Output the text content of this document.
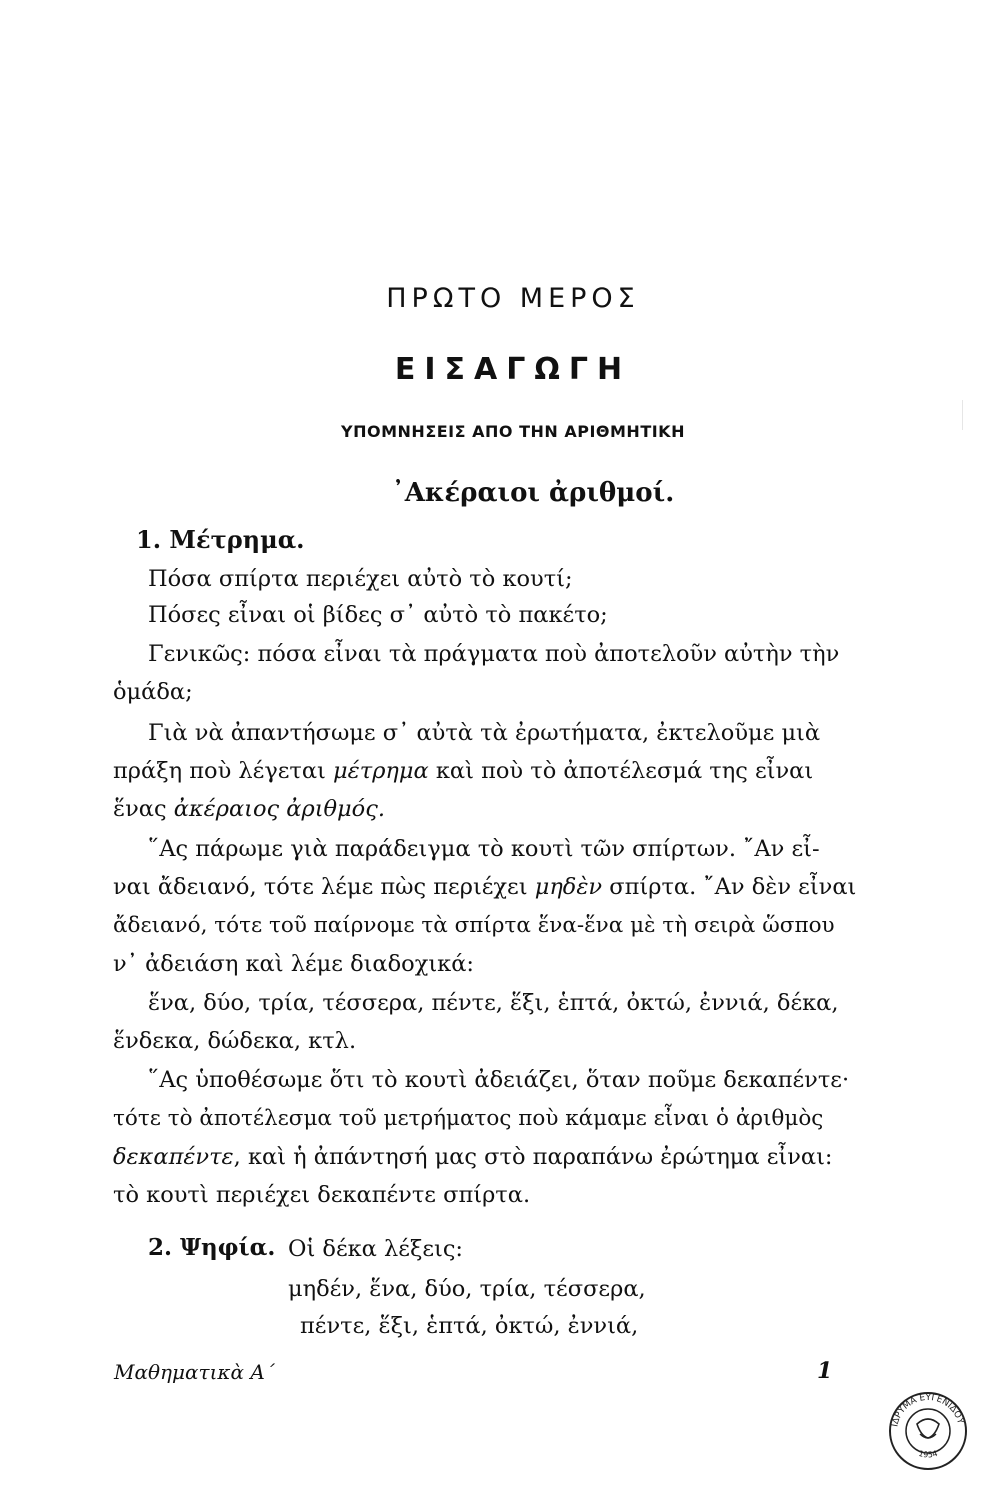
ΠΡΩΤΟ ΜΕΡΟΣ
ΕΙΣΑΓΩΓΗ
ΥΠΟΜΝΗΣΕΙΣ ΑΠΟ ΤΗΝ ΑΡΙΘΜΗΤΙΚΗ
᾿Ακέραιοι ἀριθμοί.
1. Μέτρημα.
Πόσα σπίρτα περιέχει αὐτὸ τὸ κουτί;
Πόσες εἶναι οἱ βίδες σ᾿ αὐτὸ τὸ πακέτο;
Γενικῶς: πόσα εἶναι τὰ πράγματα ποὺ ἀποτελοῦν αὐτὴν τὴν
ὁμάδα;
Γιὰ νὰ ἀπαντήσωμε σ᾿ αὐτὰ τὰ ἐρωτήματα, ἐκτελοῦμε μιὰ
πράξη ποὺ λέγεται μέτρημα καὶ ποὺ τὸ ἀποτέλεσμά της εἶναι
ἕνας ἀκέραιος ἀριθμός.
῞Ας πάρωμε γιὰ παράδειγμα τὸ κουτὶ τῶν σπίρτων. ῎Αν εἶ-
ναι ἄδειανό, τότε λέμε πὼς περιέχει μηδὲν σπίρτα. ῎Αν δὲν εἶναι
ἄδειανό, τότε τοῦ παίρνομε τὰ σπίρτα ἕνα-ἕνα μὲ τὴ σειρὰ ὥσπου
ν᾿ ἀδειάση καὶ λέμε διαδοχικά:
ἕνα, δύο, τρία, τέσσερα, πέντε, ἕξι, ἑπτά, ὀκτώ, ἐννιά, δέκα,
ἕνδεκα, δώδεκα, κτλ.
῞Ας ὑποθέσωμε ὅτι τὸ κουτὶ ἀδειάζει, ὅταν ποῦμε δεκαπέντε·
τότε τὸ ἀποτέλεσμα τοῦ μετρήματος ποὺ κάμαμε εἶναι ὁ ἀριθμὸς
δεκαπέντε, καὶ ἡ ἀπάντησή μας στὸ παραπάνω ἐρώτημα εἶναι:
τὸ κουτὶ περιέχει δεκαπέντε σπίρτα.
2. Ψηφία. Οἱ δέκα λέξεις:
μηδέν, ἕνα, δύο, τρία, τέσσερα,
πέντε, ἕξι, ἑπτά, ὀκτώ, ἐννιά,
Μαθηματικὰ Α΄	1
ΙΔΡΥΜΑ ΕΥΓΕΝΙΔΟΥ
1954
